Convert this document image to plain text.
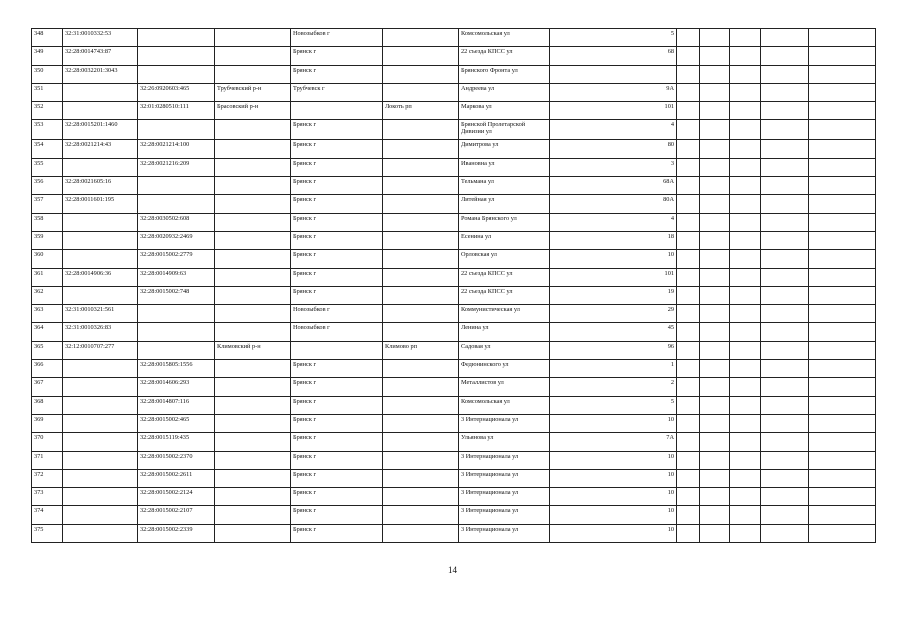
348	32:31:0010332:53			Новозыбков г		Комсомольская ул	5					
349	32:28:0014743:87			Брянск г		22 съезда КПСС ул	68					
350	32:28:0032201:3043			Брянск г		Брянского Фронта ул						
351		32:26:0920603:465	Трубчевский р-н	Трубчевск г		Андреева ул	9А					
352		32:01:0280510:111	Брасовский р-н		Локоть рп	Маркова ул	101					
353	32:28:0015201:1460			Брянск г		Брянской Пролетарской Дивизии ул	4					
354	32:28:0021214:43	32:28:0021214:100		Брянск г		Димитрова ул	80					
355		32:28:0021216:209		Брянск г		Ивановна ул	3					
356	32:28:0021605:16			Брянск г		Тельмана ул	68А					
357	32:28:0011601:195			Брянск г		Литейная ул	80А					
358		32:28:0030502:608		Брянск г		Романа Брянского ул	4					
359		32:28:0020932:2469		Брянск г		Есенина ул	18					
360		32:28:0015002:2779		Брянск г		Орловская ул	10					
361	32:28:0014906:36	32:28:0014909:63		Брянск г		22 съезда КПСС ул	101					
362		32:28:0015002:748		Брянск г		22 съезда КПСС ул	19					
363	32:31:0010321:561			Новозыбков г		Коммунистическая ул	29					
364	32:31:0010326:83			Новозыбков г		Ленина ул	45					
365	32:12:0010707:277		Климовский р-н		Климово рп	Садовая ул	96					
366		32:28:0015805:1556		Брянск г		Федюнинского ул	1					
367		32:28:0014606:293		Брянск г		Металлистов ул	2					
368		32:28:0014807:116		Брянск г		Комсомольская ул	5					
369		32:28:0015002:465		Брянск г		3 Интернационала ул	10					
370		32:28:0015119:435		Брянск г		Ульянова ул	7А					
371		32:28:0015002:2370		Брянск г		3 Интернационала ул	10					
372		32:28:0015002:2611		Брянск г		3 Интернационала ул	10					
373		32:28:0015002:2124		Брянск г		3 Интернационала ул	10					
374		32:28:0015002:2107		Брянск г		3 Интернационала ул	10					
375		32:28:0015002:2339		Брянск г		3 Интернационала ул	10					
14
